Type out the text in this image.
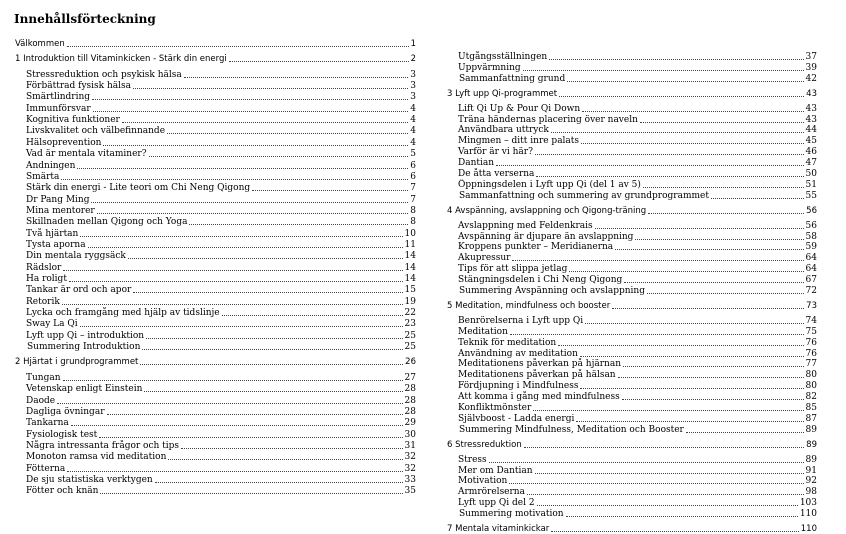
Innehållsförteckning
Välkommen	1
1 Introduktion till Vitaminkicken - Stärk din energi	2
Stressreduktion och psykisk hälsa	3
Förbättrad fysisk hälsa	3
Smärtlindring	3
Immunförsvar	4
Kognitiva funktioner	4
Livskvalitet och välbefinnande	4
Hälsoprevention	4
Vad är mentala vitaminer?	5
Andningen	6
Smärta	6
Stärk din energi - Lite teori om Chi Neng Qigong	7
Dr Pang Ming	7
Mina mentorer	8
Skillnaden mellan Qigong och Yoga	8
Två hjärtan	10
Tysta aporna	11
Din mentala ryggsäck	14
Rädslor	14
Ha roligt	14
Tankar är ord och apor	15
Retorik	19
Lycka och framgång med hjälp av tidslinje	22
Sway La Qi	23
Lyft upp Qi – introduktion	25
Summering Introduktion	25
2 Hjärtat i grundprogrammet	26
Tungan	27
Vetenskap enligt Einstein	28
Daode	28
Dagliga övningar	28
Tankarna	29
Fysiologisk test	30
Några intressanta frågor och tips	31
Monoton ramsa vid meditation	32
Fötterna	32
De sju statistiska verktygen	33
Fötter och knän	35
Utgångsställningen	37
Uppvärmning	39
Sammanfattning grund	42
3 Lyft upp Qi-programmet	43
Lift Qi Up & Pour Qi Down	43
Träna händernas placering över naveln	43
Användbara uttryck	44
Mingmen – ditt inre palats	45
Varför är vi här?	46
Dantian	47
De åtta verserna	50
Öppningsdelen i Lyft upp Qi (del 1 av 5)	51
Sammanfattning och summering av grundprogrammet	55
4 Avspänning, avslappning och Qigong-träning	56
Avslappning med Feldenkrais	56
Avspänning är djupare än avslappning	58
Kroppens punkter – Meridianerna	59
Akupressur	64
Tips för att slippa jetlag	64
Stängningsdelen i Chi Neng Qigong	67
Summering Avspänning och avslappning	72
5 Meditation, mindfulness och booster	73
Benrörelserna i Lyft upp Qi	74
Meditation	75
Teknik för meditation	76
Användning av meditation	76
Meditationens påverkan på hjärnan	77
Meditationens påverkan på hälsan	80
Fördjupning i Mindfulness	80
Att komma i gång med mindfulness	82
Konfliktmönster	85
Självboost - Ladda energi	87
Summering Mindfulness, Meditation och Booster	89
6 Stressreduktion	89
Stress	89
Mer om Dantian	91
Motivation	92
Armrörelserna	98
Lyft upp Qi del 2	103
Summering motivation	110
7 Mentala vitaminkickar	110
